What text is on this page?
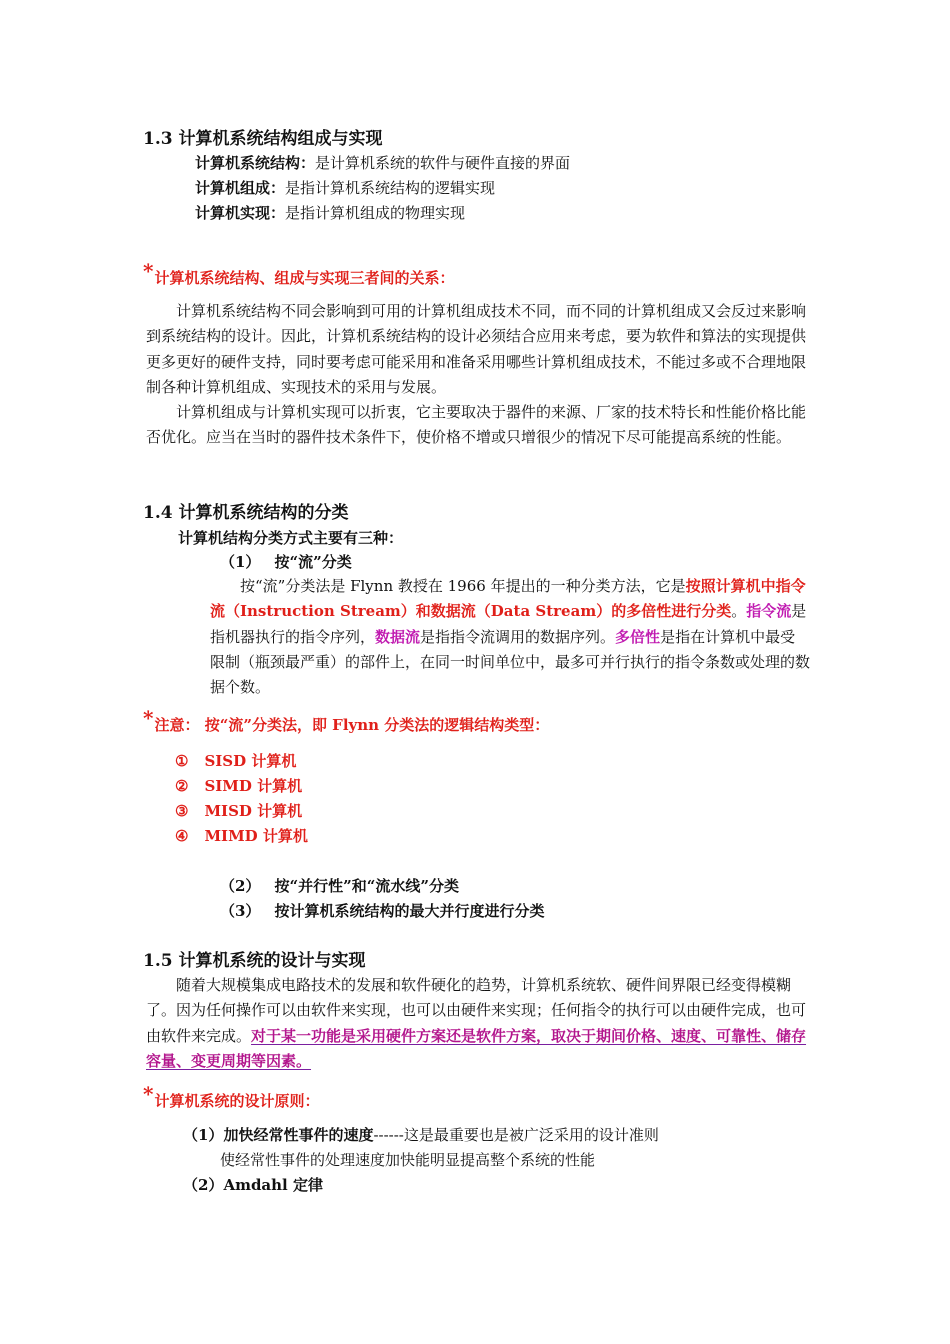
1.3 计算机系统结构组成与实现
计算机系统结构：是计算机系统的软件与硬件直接的界面
计算机组成：是指计算机系统结构的逻辑实现
计算机实现：是指计算机组成的物理实现
*计算机系统结构、组成与实现三者间的关系：
计算机系统结构不同会影响到可用的计算机组成技术不同，而不同的计算机组成又会反过来影响到系统结构的设计。因此，计算机系统结构的设计必须结合应用来考虑，要为软件和算法的实现提供更多更好的硬件支持，同时要考虑可能采用和准备采用哪些计算机组成技术，不能过多或不合理地限制各种计算机组成、实现技术的采用与发展。
计算机组成与计算机实现可以折衷，它主要取决于器件的来源、厂家的技术特长和性能价格比能否优化。应当在当时的器件技术条件下，使价格不增或只增很少的情况下尽可能提高系统的性能。
1.4 计算机系统结构的分类
计算机结构分类方式主要有三种：
（1） 按“流”分类
按“流”分类法是 Flynn 教授在 1966 年提出的一种分类方法，它是按照计算机中指令流（Instruction Stream）和数据流（Data Stream）的多倍性进行分类。指令流是指机器执行的指令序列，数据流是指指令流调用的数据序列。多倍性是指在计算机中最受限制（瓶颈最严重）的部件上，在同一时间单位中，最多可并行执行的指令条数或处理的数据个数。
*注意： 按“流”分类法，即 Flynn 分类法的逻辑结构类型：
① SISD 计算机
② SIMD 计算机
③ MISD 计算机
④ MIMD 计算机
（2） 按“并行性”和“流水线”分类
（3） 按计算机系统结构的最大并行度进行分类
1.5 计算机系统的设计与实现
随着大规模集成电路技术的发展和软件硬化的趋势，计算机系统软、硬件间界限已经变得模糊了。因为任何操作可以由软件来实现，也可以由硬件来实现；任何指令的执行可以由硬件完成，也可由软件来完成。对于某一功能是采用硬件方案还是软件方案，取决于期间价格、速度、可靠性、储存容量、变更周期等因素。
*计算机系统的设计原则：
（1）加快经常性事件的速度------这是最重要也是被广泛采用的设计准则
使经常性事件的处理速度加快能明显提高整个系统的性能
（2）Amdahl 定律
